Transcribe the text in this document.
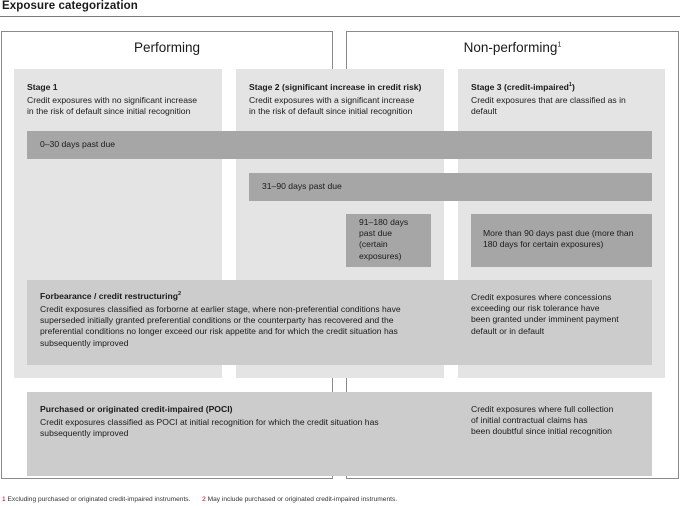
Exposure categorization
Performing	Non-performing$^1$
Stage 1
Credit exposures with no significant increase
in the risk of default since initial recognition
Stage 2 (significant increase in credit risk)
Credit exposures with a significant increase
in the risk of default since initial recognition
Stage 3 (credit-impaired$^1$)
Credit exposures that are classified as in
default
0–30 days past due
31–90 days past due
91–180 days
past due
(certain
exposures)
More than 90 days past due (more than
180 days for certain exposures)
Forbearance / credit restructuring$^2$
Credit exposures classified as forborne at earlier stage, where non-preferential conditions have
superseded initially granted preferential conditions or the counterparty has recovered and the
preferential conditions no longer exceed our risk appetite and for which the credit situation has
subsequently improved
Credit exposures where concessions
exceeding our risk tolerance have
been granted under imminent payment
default or in default
Purchased or originated credit-impaired (POCI)
Credit exposures classified as POCI at initial recognition for which the credit situation has
subsequently improved
Credit exposures where full collection
of initial contractual claims has
been doubtful since initial recognition
1 Excluding purchased or originated credit-impaired instruments. 2 May include purchased or originated credit-impaired instruments.
